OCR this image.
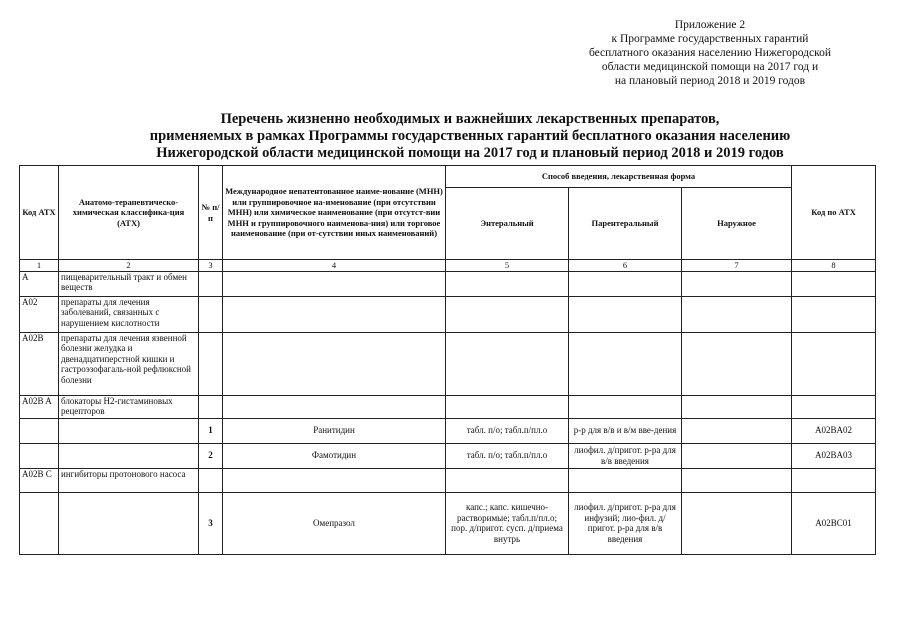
Приложение 2
к Программе государственных гарантий
бесплатного оказания населению Нижегородской
области медицинской помощи на 2017 год и
на плановый период 2018 и 2019 годов
Перечень жизненно необходимых и важнейших лекарственных препаратов,
применяемых в рамках Программы государственных гарантий бесплатного оказания населению
Нижегородской области медицинской помощи на 2017 год и плановый период 2018 и 2019 годов
Код АТХ	Анатомо-терапевтическо-химическая классифика-ция (АТХ)	№ п/п	Международное непатентованное наиме-нование (МНН) или группировочное на-именование (при отсутствии МНН) или химическое наименование (при отсутст-вии МНН и группировочного наименова-ния) или торговое наименование (при от-сутствии иных наименований)	Способ введения, лекарственная форма			Код по АТХ
				Энтеральный	Парентеральный	Наружное	
1	2	3	4	5	6	7	8
A	пищеварительный тракт и обмен веществ						
A02	препараты для лечения заболеваний, связанных с нарушением кислотности						
A02B	препараты для лечения язвенной болезни желудка и двенадцатиперстной кишки и гастроэзофагаль-ной рефлюксной болезни						
A02B A	блокаторы H2-гистаминовых рецепторов						
		1	Ранитидин	табл. п/о; табл.п/пл.о	р-р для в/в и в/м вве-дения		A02BA02
		2	Фамотидин	табл. п/о; табл.п/пл.о	лиофил. д/пригот. р-ра для в/в введения		A02BA03
A02B C	ингибиторы протонового насоса						
		3	Омепразол	капс.; капс. кишечно-растворимые; табл.п/пл.о; пор. д/пригот. сусп. д/приема внутрь	лиофил. д/пригот. р-ра для инфузий; лио-фил. д/пригот. р-ра для в/в введения		A02BC01
